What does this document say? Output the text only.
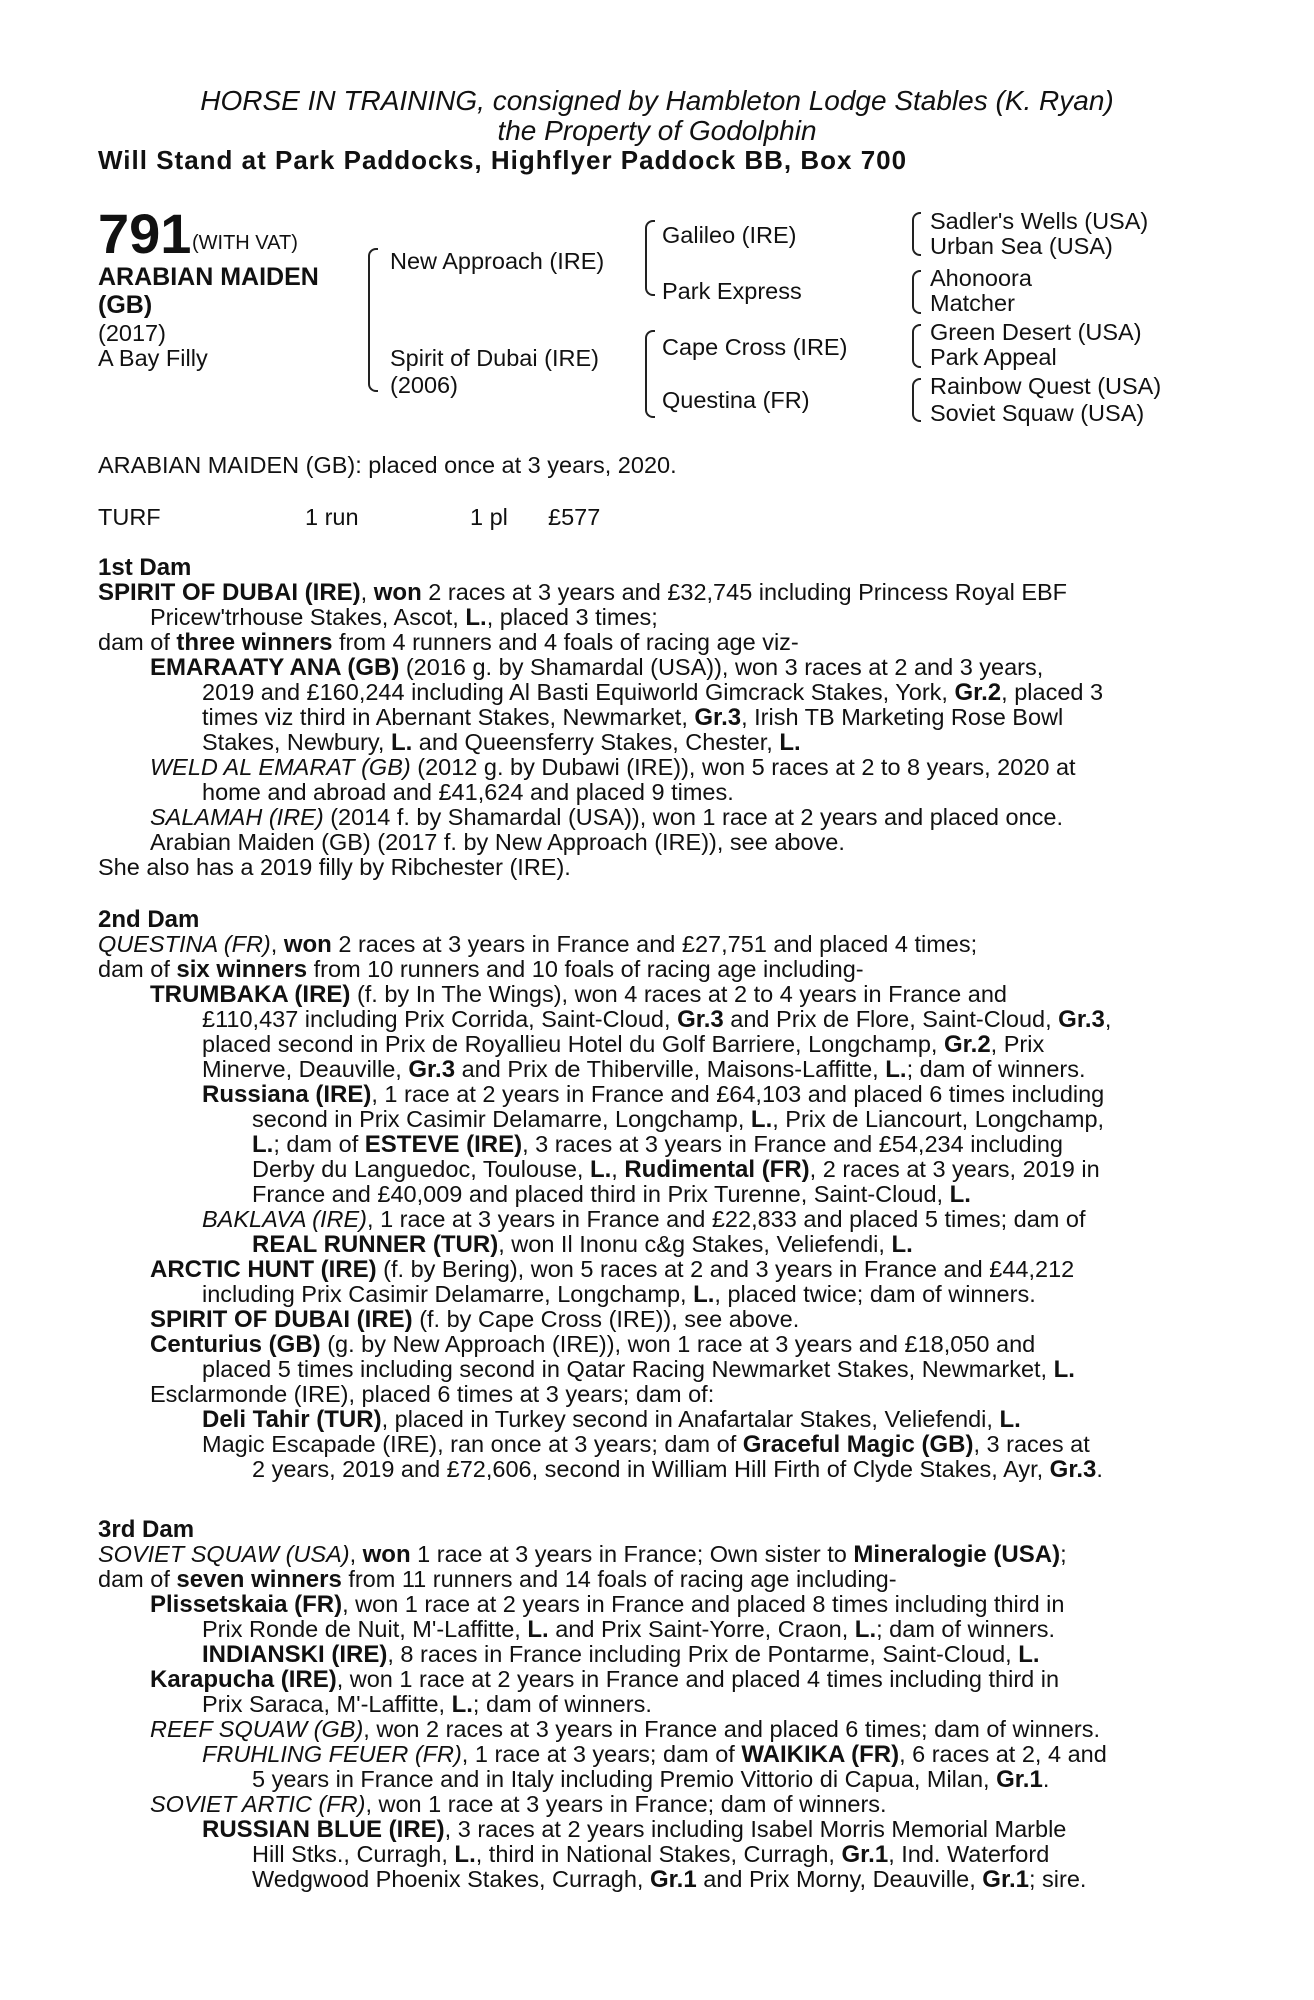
HORSE IN TRAINING, consigned by Hambleton Lodge Stables (K. Ryan)
the Property of Godolphin
Will Stand at Park Paddocks, Highflyer Paddock BB, Box 700
791 (WITH VAT)
ARABIAN MAIDEN
(GB)
(2017)
A Bay Filly
New Approach (IRE)
Spirit of Dubai (IRE)
(2006)
Galileo (IRE)
Park Express
Cape Cross (IRE)
Questina (FR)
Sadler's Wells (USA)
Urban Sea (USA)
Ahonoora
Matcher
Green Desert (USA)
Park Appeal
Rainbow Quest (USA)
Soviet Squaw (USA)
ARABIAN MAIDEN (GB): placed once at 3 years, 2020.
TURF	1 run	1 pl £577
1st Dam
SPIRIT OF DUBAI (IRE), won 2 races at 3 years and £32,745 including Princess Royal EBF
Pricew'trhouse Stakes, Ascot, L., placed 3 times;
dam of three winners from 4 runners and 4 foals of racing age viz-
EMARAATY ANA (GB) (2016 g. by Shamardal (USA)), won 3 races at 2 and 3 years,
2019 and £160,244 including Al Basti Equiworld Gimcrack Stakes, York, Gr.2, placed 3
times viz third in Abernant Stakes, Newmarket, Gr.3, Irish TB Marketing Rose Bowl
Stakes, Newbury, L. and Queensferry Stakes, Chester, L.
WELD AL EMARAT (GB) (2012 g. by Dubawi (IRE)), won 5 races at 2 to 8 years, 2020 at
home and abroad and £41,624 and placed 9 times.
SALAMAH (IRE) (2014 f. by Shamardal (USA)), won 1 race at 2 years and placed once.
Arabian Maiden (GB) (2017 f. by New Approach (IRE)), see above.
She also has a 2019 filly by Ribchester (IRE).
2nd Dam
QUESTINA (FR), won 2 races at 3 years in France and £27,751 and placed 4 times;
dam of six winners from 10 runners and 10 foals of racing age including-
TRUMBAKA (IRE) (f. by In The Wings), won 4 races at 2 to 4 years in France and
£110,437 including Prix Corrida, Saint-Cloud, Gr.3 and Prix de Flore, Saint-Cloud, Gr.3,
placed second in Prix de Royallieu Hotel du Golf Barriere, Longchamp, Gr.2, Prix
Minerve, Deauville, Gr.3 and Prix de Thiberville, Maisons-Laffitte, L.; dam of winners.
Russiana (IRE), 1 race at 2 years in France and £64,103 and placed 6 times including
second in Prix Casimir Delamarre, Longchamp, L., Prix de Liancourt, Longchamp,
L.; dam of ESTEVE (IRE), 3 races at 3 years in France and £54,234 including
Derby du Languedoc, Toulouse, L., Rudimental (FR), 2 races at 3 years, 2019 in
France and £40,009 and placed third in Prix Turenne, Saint-Cloud, L.
BAKLAVA (IRE), 1 race at 3 years in France and £22,833 and placed 5 times; dam of
REAL RUNNER (TUR), won Il Inonu c&g Stakes, Veliefendi, L.
ARCTIC HUNT (IRE) (f. by Bering), won 5 races at 2 and 3 years in France and £44,212
including Prix Casimir Delamarre, Longchamp, L., placed twice; dam of winners.
SPIRIT OF DUBAI (IRE) (f. by Cape Cross (IRE)), see above.
Centurius (GB) (g. by New Approach (IRE)), won 1 race at 3 years and £18,050 and
placed 5 times including second in Qatar Racing Newmarket Stakes, Newmarket, L.
Esclarmonde (IRE), placed 6 times at 3 years; dam of:
Deli Tahir (TUR), placed in Turkey second in Anafartalar Stakes, Veliefendi, L.
Magic Escapade (IRE), ran once at 3 years; dam of Graceful Magic (GB), 3 races at
2 years, 2019 and £72,606, second in William Hill Firth of Clyde Stakes, Ayr, Gr.3.
3rd Dam
SOVIET SQUAW (USA), won 1 race at 3 years in France; Own sister to Mineralogie (USA);
dam of seven winners from 11 runners and 14 foals of racing age including-
Plissetskaia (FR), won 1 race at 2 years in France and placed 8 times including third in
Prix Ronde de Nuit, M'-Laffitte, L. and Prix Saint-Yorre, Craon, L.; dam of winners.
INDIANSKI (IRE), 8 races in France including Prix de Pontarme, Saint-Cloud, L.
Karapucha (IRE), won 1 race at 2 years in France and placed 4 times including third in
Prix Saraca, M'-Laffitte, L.; dam of winners.
REEF SQUAW (GB), won 2 races at 3 years in France and placed 6 times; dam of winners.
FRUHLING FEUER (FR), 1 race at 3 years; dam of WAIKIKA (FR), 6 races at 2, 4 and
5 years in France and in Italy including Premio Vittorio di Capua, Milan, Gr.1.
SOVIET ARTIC (FR), won 1 race at 3 years in France; dam of winners.
RUSSIAN BLUE (IRE), 3 races at 2 years including Isabel Morris Memorial Marble
Hill Stks., Curragh, L., third in National Stakes, Curragh, Gr.1, Ind. Waterford
Wedgwood Phoenix Stakes, Curragh, Gr.1 and Prix Morny, Deauville, Gr.1; sire.
